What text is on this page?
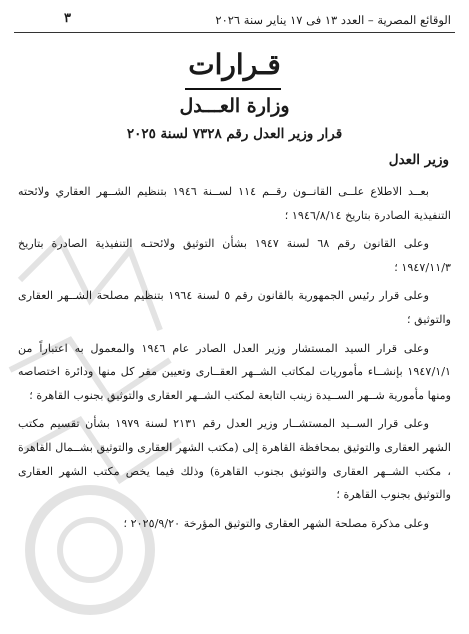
الوقائع المصرية – العدد ١٣ فى ١٧ يناير سنة ٢٠٢٦
٣
قـرارات
وزارة العـــدل
قرار وزير العدل رقم ٧٣٢٨ لسنة ٢٠٢٥
وزير العدل

بعــد الاطلاع علــى القانــون رقــم ١١٤ لســنة ١٩٤٦ بتنظيم الشــهر العقاري ولائحته التنفيذية الصادرة بتاريخ ١٩٤٦/٨/١٤ ؛

وعلى القانون رقم ٦٨ لسنة ١٩٤٧ بشأن التوثيق ولائحتـه التنفيذية الصادرة بتاريخ ١٩٤٧/١١/٣ ؛

وعلى قرار رئيس الجمهورية بالقانون رقم ٥ لسنة ١٩٦٤ بتنظيم مصلحة الشــهر العقارى والتوثيق ؛

وعلى قرار السيد المستشار وزير العدل الصادر عام ١٩٤٦ والمعمول به اعتباراً من ١٩٤٧/١/١ بإنشــاء مأموريات لمكاتب الشــهر العقــارى وتعيين مقر كل منها ودائرة اختصاصه ومنها مأمورية شــهر الســيدة زينب التابعة لمكتب الشــهر العقارى والتوثيق بجنوب القاهرة ؛

وعلى قرار الســيد المستشــار وزير العدل رقم ٢١٣١ لسنة ١٩٧٩ بشأن تقسيم مكتب الشهر العقارى والتوثيق بمحافظة القاهرة إلى (مكتب الشهر العقارى والتوثيق بشــمال القاهرة ، مكتب الشــهر العقارى والتوثيق بجنوب القاهرة) وذلك فيما يخص مكتب الشهر العقارى والتوثيق بجنوب القاهرة ؛

وعلى مذكرة مصلحة الشهر العقارى والتوثيق المؤرخة ٢٠٢٥/٩/٢٠ ؛
